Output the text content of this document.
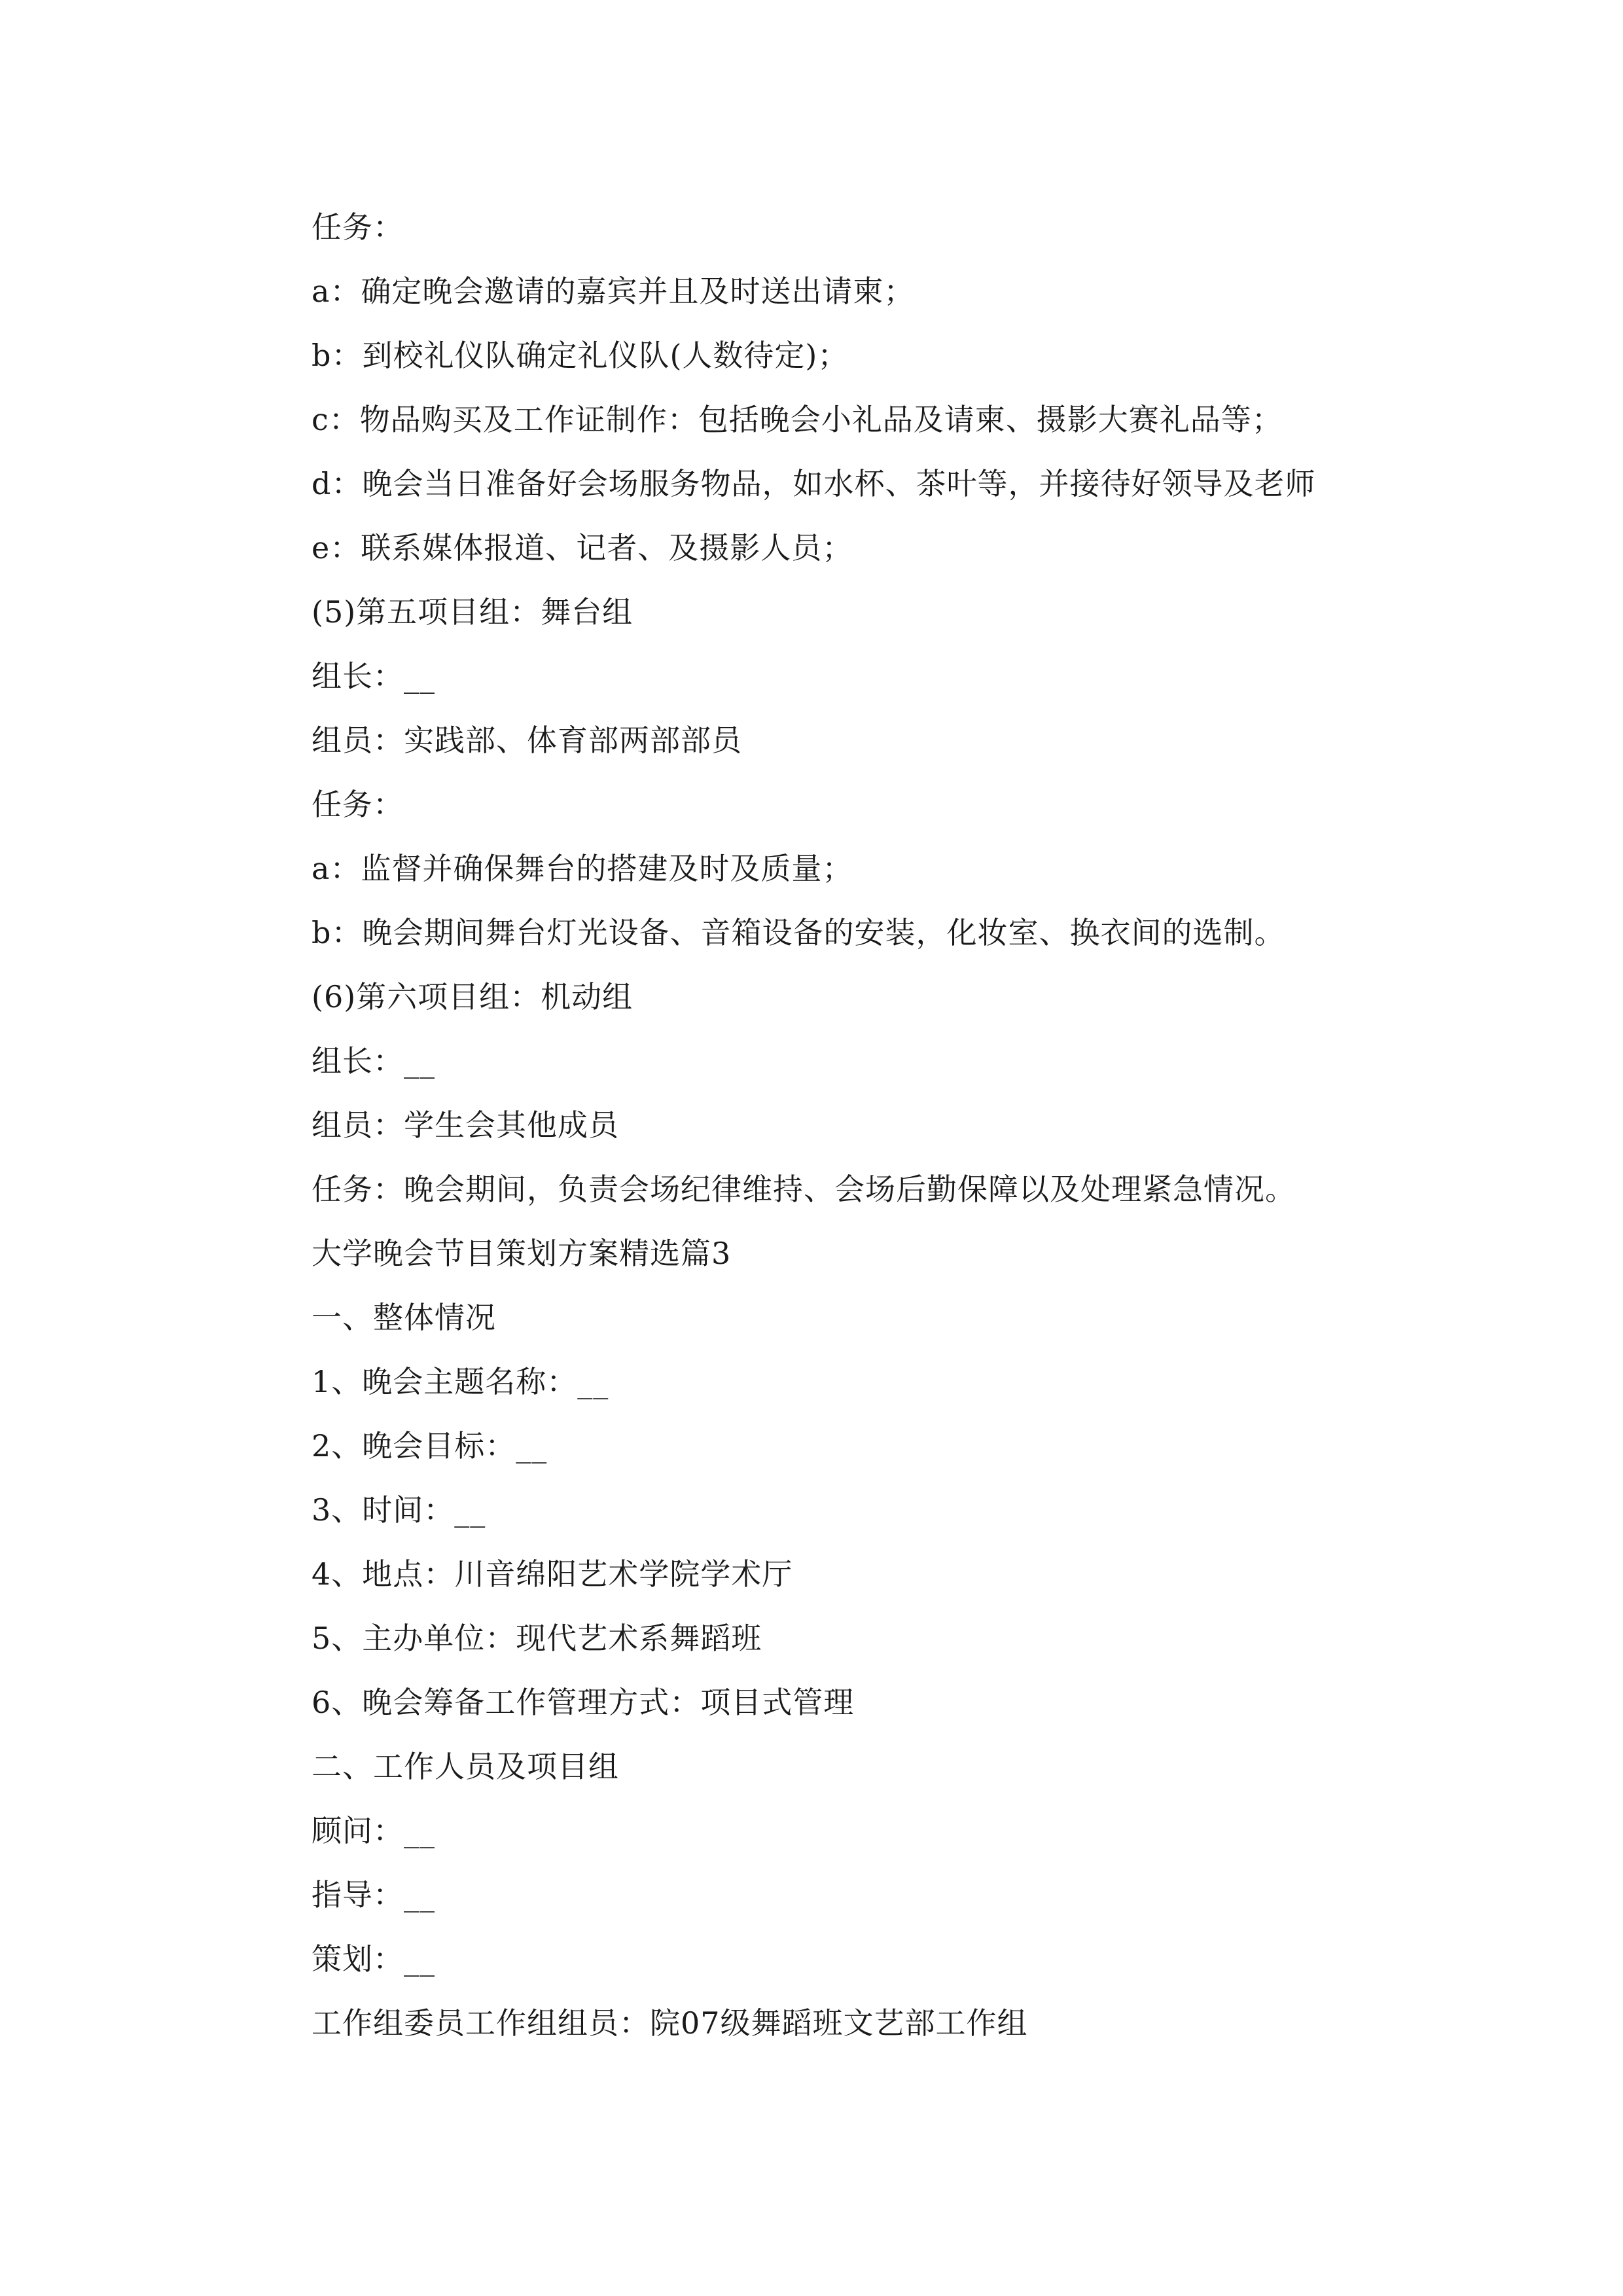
任务：
a：确定晚会邀请的嘉宾并且及时送出请柬；
b：到校礼仪队确定礼仪队(人数待定)；
c：物品购买及工作证制作：包括晚会小礼品及请柬、摄影大赛礼品等；
d：晚会当日准备好会场服务物品，如水杯、茶叶等，并接待好领导及老师
e：联系媒体报道、记者、及摄影人员；
(5)第五项目组：舞台组
组长：__
组员：实践部、体育部两部部员
任务：
a：监督并确保舞台的搭建及时及质量；
b：晚会期间舞台灯光设备、音箱设备的安装，化妆室、换衣间的选制。
(6)第六项目组：机动组
组长：__
组员：学生会其他成员
任务：晚会期间，负责会场纪律维持、会场后勤保障以及处理紧急情况。
大学晚会节目策划方案精选篇3
一、整体情况
1、晚会主题名称：__
2、晚会目标：__
3、时间：__
4、地点：川音绵阳艺术学院学术厅
5、主办单位：现代艺术系舞蹈班
6、晚会筹备工作管理方式：项目式管理
二、工作人员及项目组
顾问：__
指导：__
策划：__
工作组委员工作组组员：院07级舞蹈班文艺部工作组
